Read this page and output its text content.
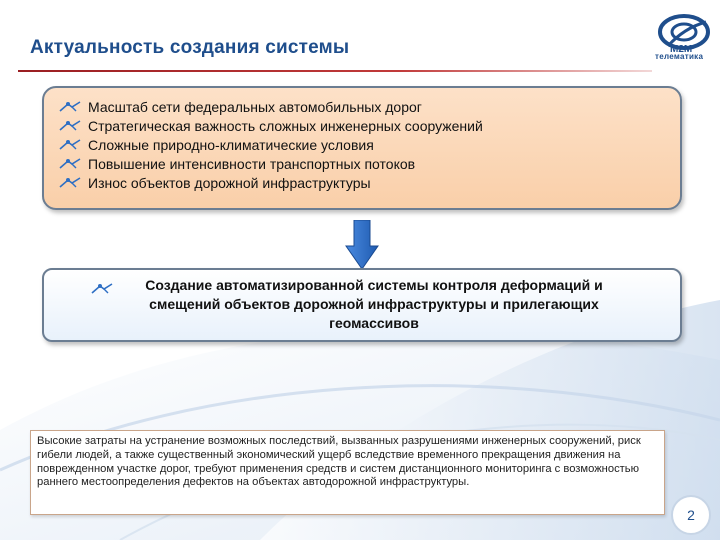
Актуальность создания системы	М2М
телематика
Масштаб сети федеральных автомобильных дорог
Стратегическая важность сложных инженерных сооружений
Сложные природно-климатические условия
Повышение интенсивности транспортных потоков
Износ объектов дорожной инфраструктуры
Создание автоматизированной системы контроля деформаций и смещений объектов дорожной инфраструктуры и прилегающих геомассивов
Высокие затраты на устранение возможных последствий, вызванных разрушениями инженерных сооружений, риск гибели людей, а также существенный экономический ущерб вследствие временного прекращения движения на поврежденном участке дорог, требуют применения средств и систем дистанционного мониторинга с возможностью раннего местоопределения дефектов на объектах автодорожной инфраструктуры.
2
